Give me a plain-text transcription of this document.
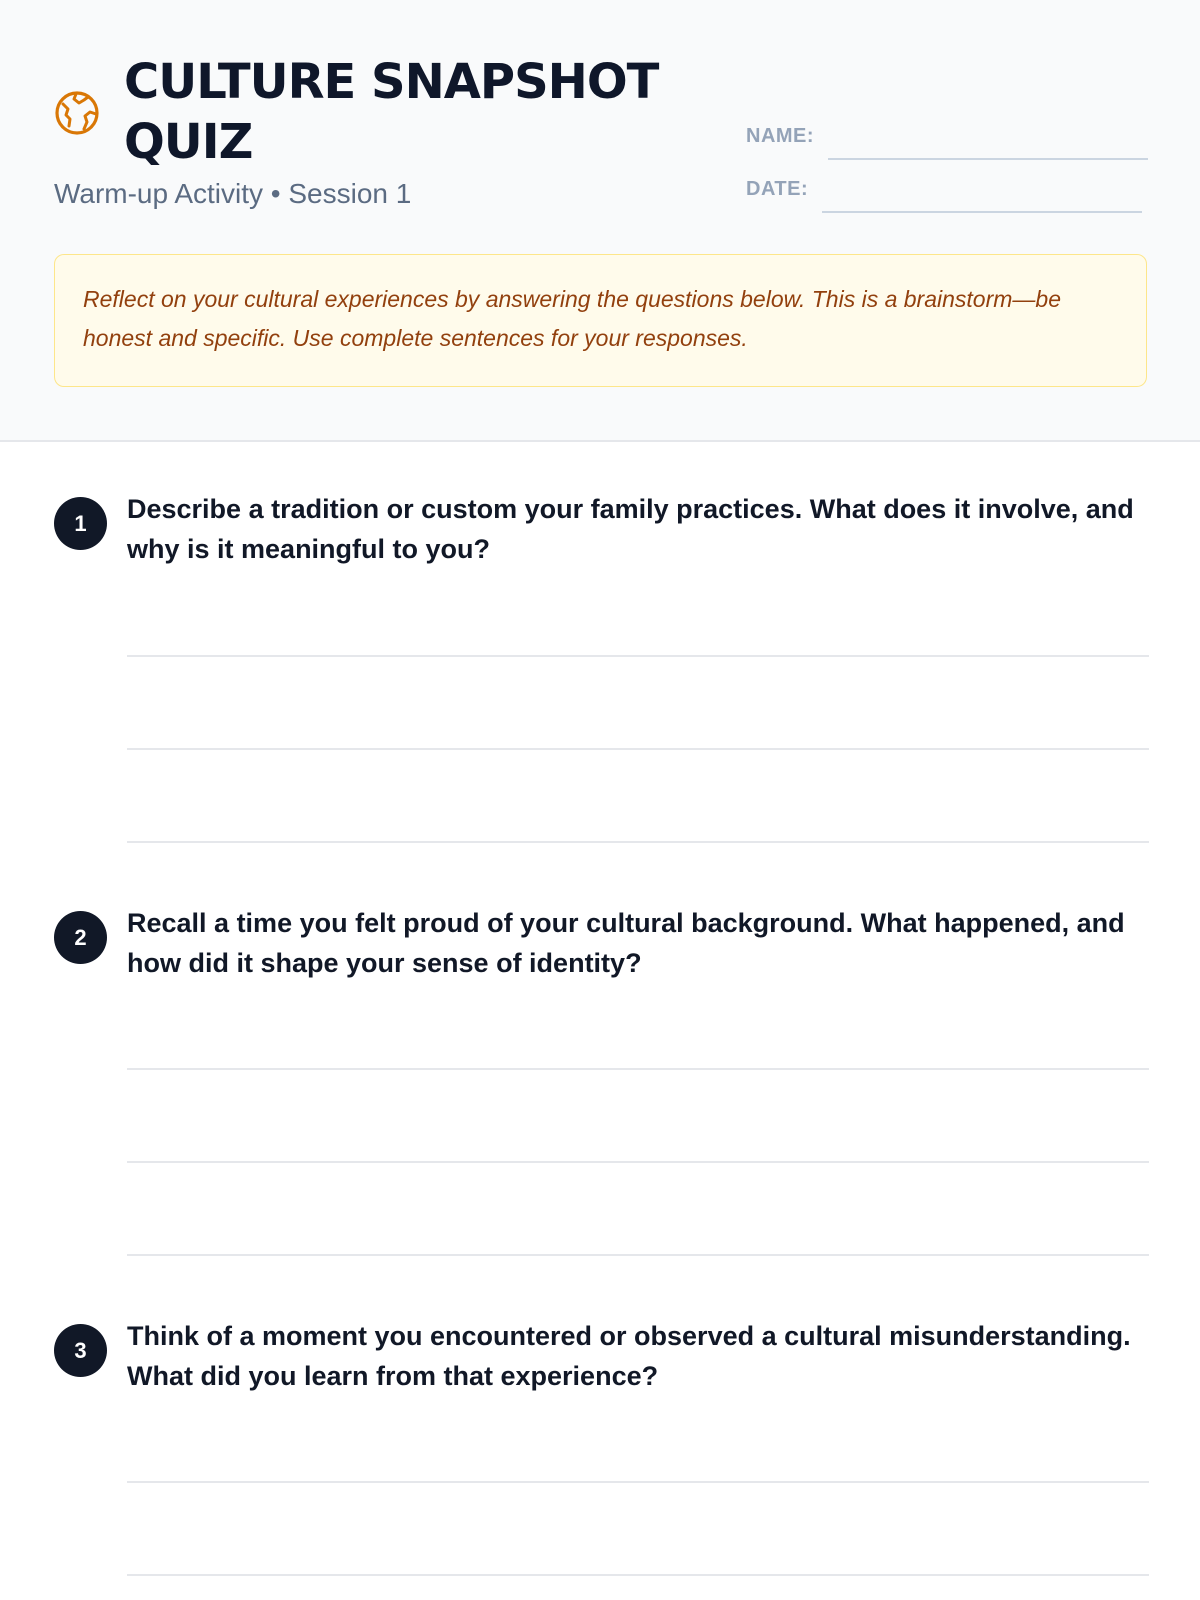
CULTURE SNAPSHOT QUIZ
Warm-up Activity • Session 1
NAME:
DATE:
Reflect on your cultural experiences by answering the questions below. This is a brainstorm—be honest and specific. Use complete sentences for your responses.
1	Describe a tradition or custom your family practices. What does it involve, and why is it meaningful to you?
2	Recall a time you felt proud of your cultural background. What happened, and how did it shape your sense of identity?
3	Think of a moment you encountered or observed a cultural misunderstanding. What did you learn from that experience?
